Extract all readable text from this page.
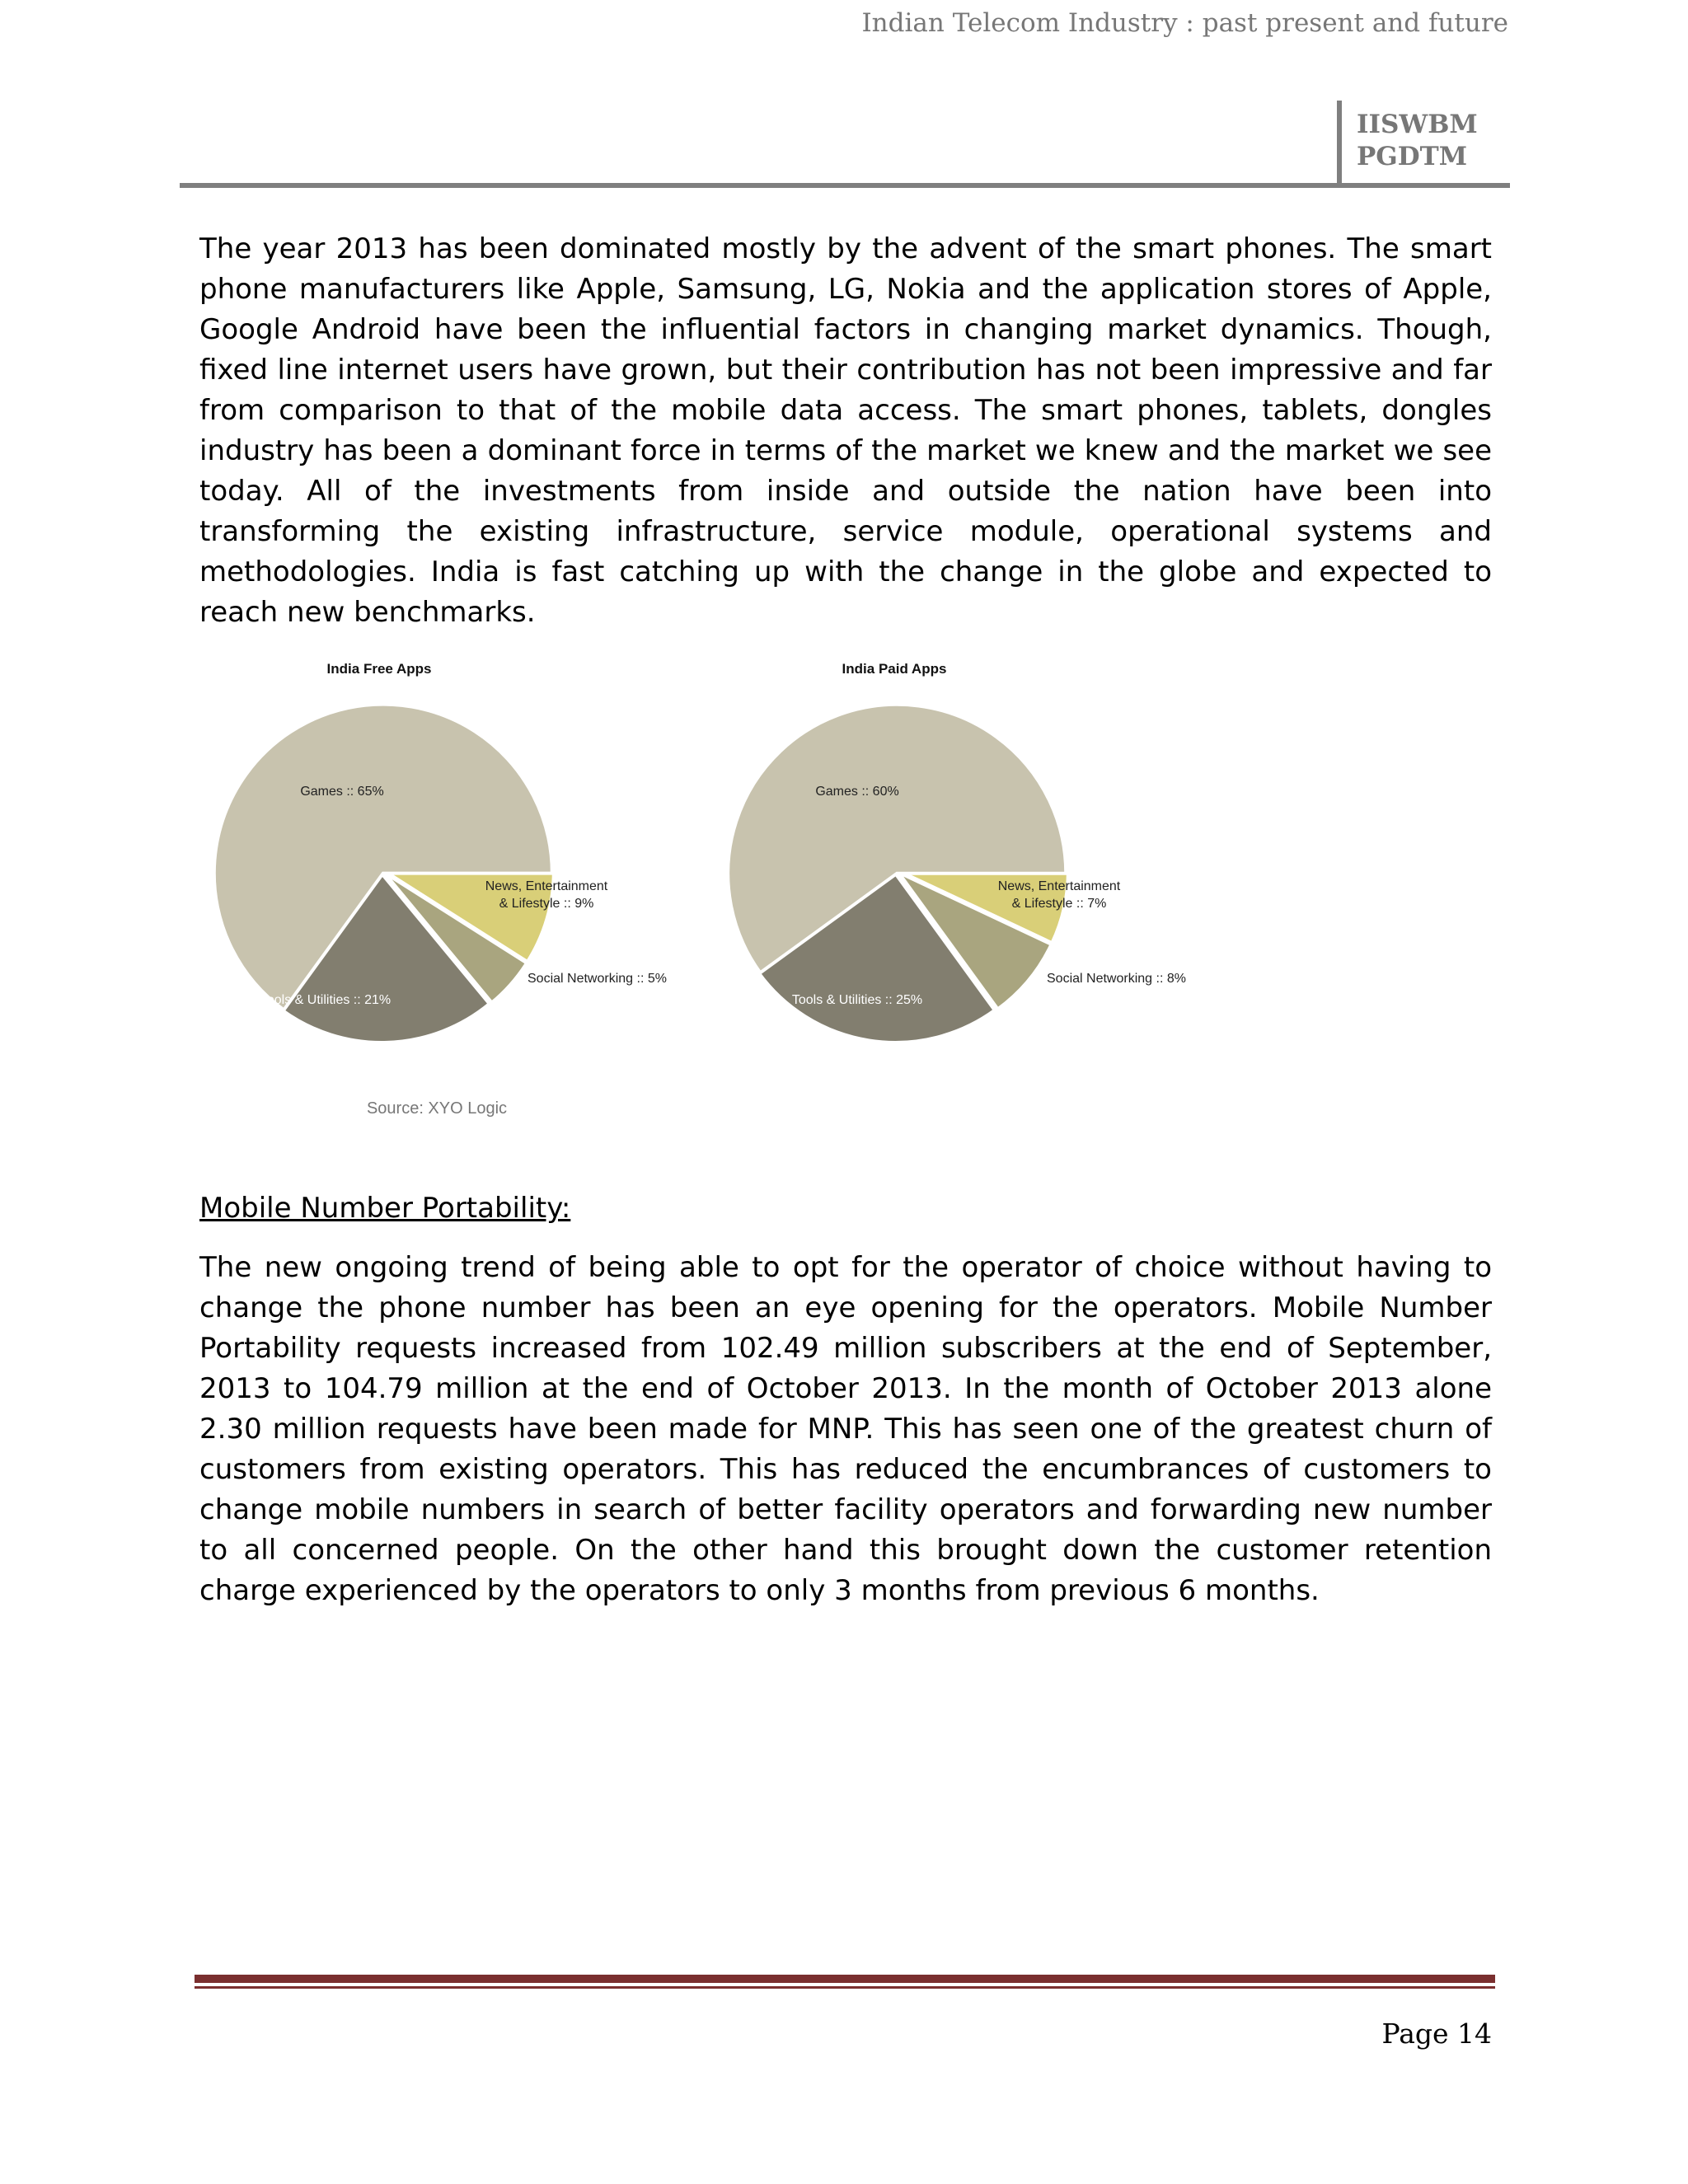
Indian Telecom Industry : past present and future
IISWBM
PGDTM
The year 2013 has been dominated mostly by the advent of the smart phones. The smart phone manufacturers like Apple, Samsung, LG, Nokia and the application stores of Apple, Google Android have been the influential factors in changing market dynamics. Though, fixed line internet users have grown, but their contribution has not been impressive and far from comparison to that of the mobile data access. The smart phones, tablets, dongles industry has been a dominant force in terms of the market we knew and the market we see today. All of the investments from inside and outside the nation have been into transforming the existing infrastructure, service module, operational systems and methodologies. India is fast catching up with the change in the globe and expected to reach new benchmarks.
India Free Apps
Games :: 65%
News, Entertainment & Lifestyle :: 9%
Social Networking :: 5%
Tools & Utilities :: 21%
India Paid Apps
Games :: 60%
News, Entertainment & Lifestyle :: 7%
Social Networking :: 8%
Tools & Utilities :: 25%
Source: XYO Logic
Mobile Number Portability:
The new ongoing trend of being able to opt for the operator of choice without having to change the phone number has been an eye opening for the operators. Mobile Number Portability requests increased from 102.49 million subscribers at the end of September, 2013 to 104.79 million at the end of October 2013. In the month of October 2013 alone 2.30 million requests have been made for MNP. This has seen one of the greatest churn of customers from existing operators. This has reduced the encumbrances of customers to change mobile numbers in search of better facility operators and forwarding new number to all concerned people. On the other hand this brought down the customer retention charge experienced by the operators to only 3 months from previous 6 months.
Page 14
